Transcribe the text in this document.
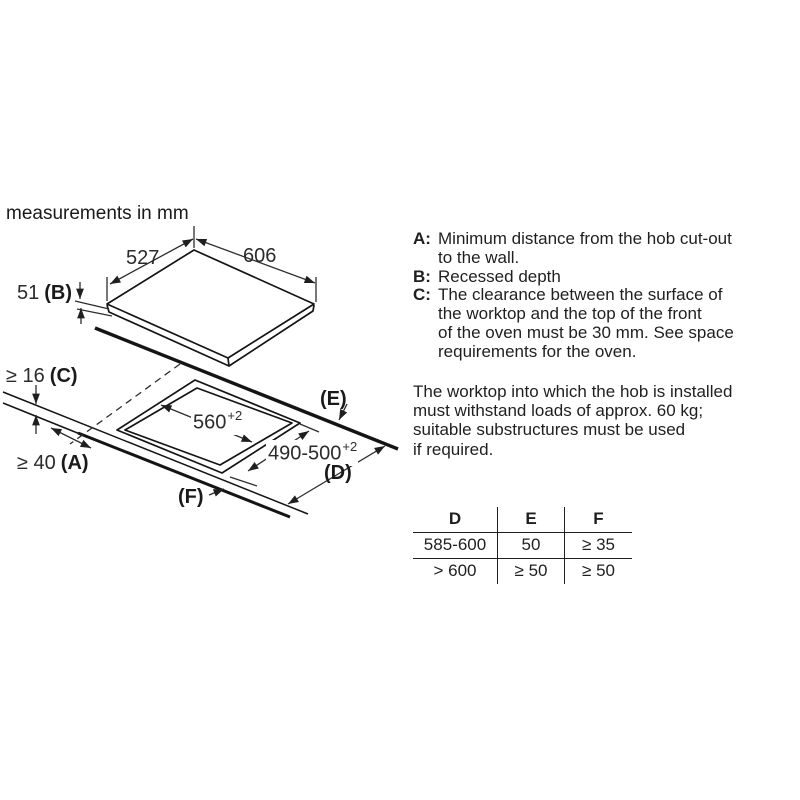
measurements in mm
527	606
51 (B)
≥ 16 (C)
≥ 40 (A)
$560^{+2}$
$490-500^{+2}$
(E)
(D)
(F)
A: Minimum distance from the hob cut-out
to the wall.
B: Recessed depth
C: The clearance between the surface of
the worktop and the top of the front
of the oven must be 30 mm. See space
requirements for the oven.
The worktop into which the hob is installed
must withstand loads of approx. 60 kg;
suitable substructures must be used
if required.
D	E	F
585-600	50	≥ 35
> 600	≥ 50	≥ 50
